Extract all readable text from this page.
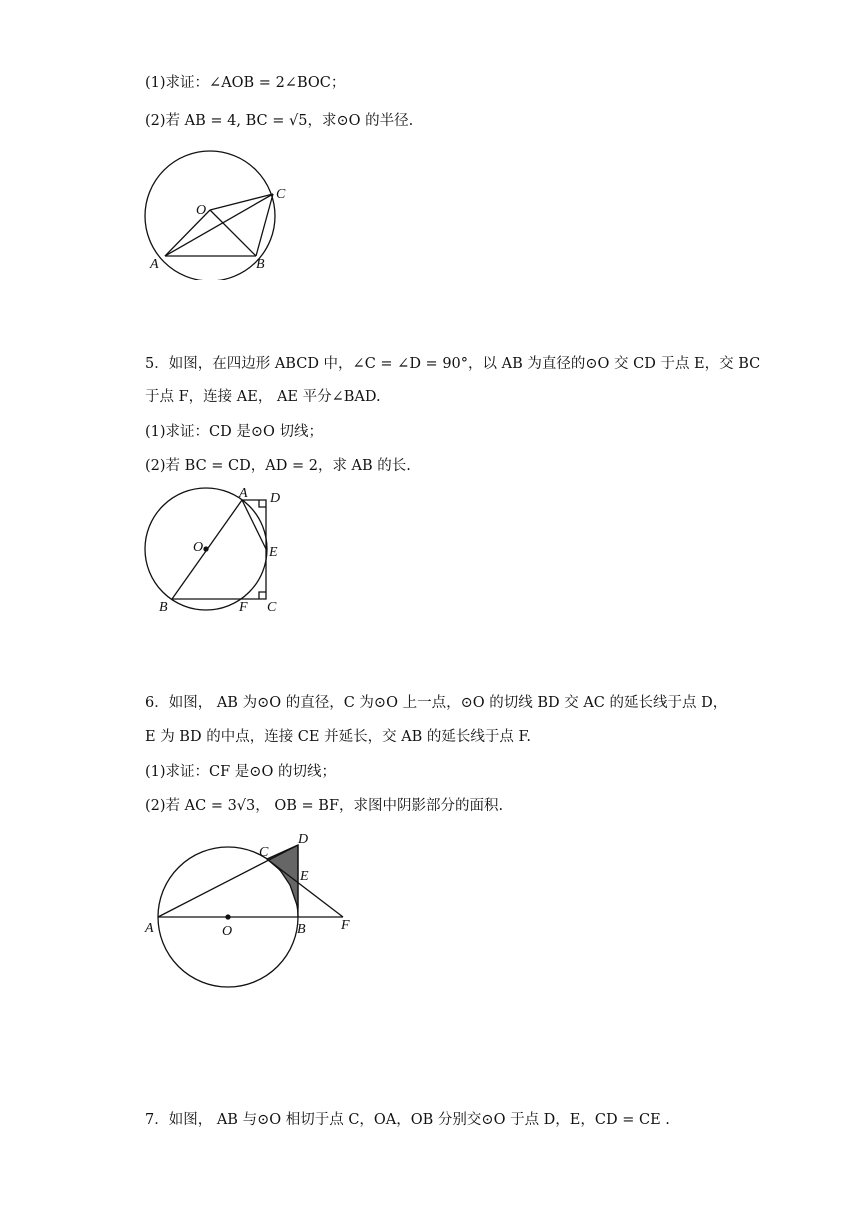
(1)求证：∠AOB = 2∠BOC；
(2)若 AB = 4, BC = √5，求⊙O 的半径.
O
C
A	B
5．如图，在四边形 ABCD 中，∠C = ∠D = 90°，以 AB 为直径的⊙O 交 CD 于点 E，交 BC
于点 F，连接 AE， AE 平分∠BAD.
(1)求证：CD 是⊙O 切线；
(2)若 BC = CD，AD = 2，求 AB 的长.
A D
O	E
B	F C
6．如图， AB 为⊙O 的直径，C 为⊙O 上一点，⊙O 的切线 BD 交 AC 的延长线于点 D，
E 为 BD 的中点，连接 CE 并延长，交 AB 的延长线于点 F.
(1)求证：CF 是⊙O 的切线；
(2)若 AC = 3√3， OB = BF，求图中阴影部分的面积.
C
D
E
A	O	B	F
7．如图， AB 与⊙O 相切于点 C，OA，OB 分别交⊙O 于点 D，E，CD = CE .
